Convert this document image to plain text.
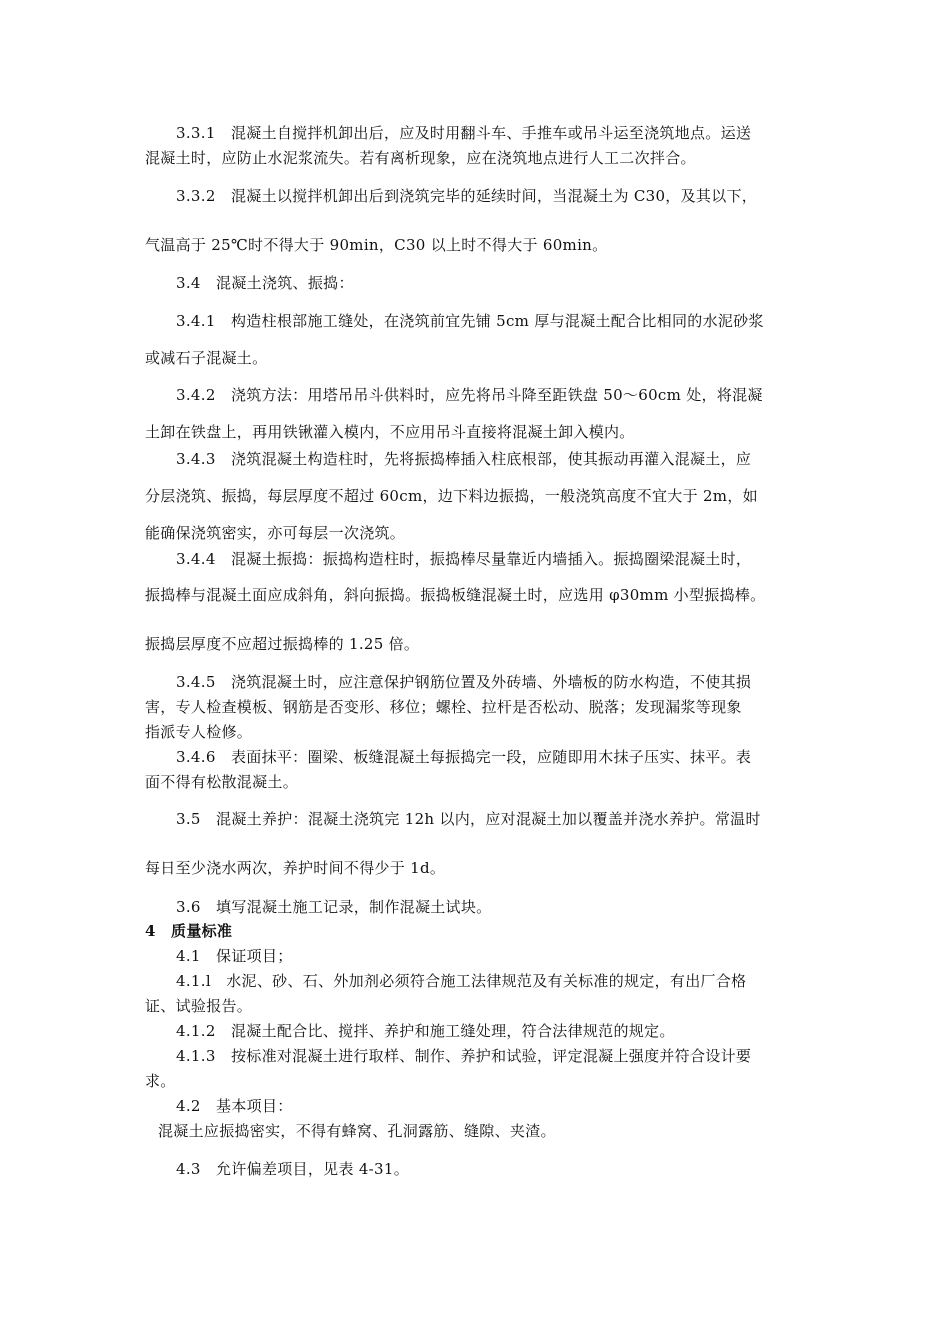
3.3.1　混凝土自搅拌机卸出后，应及时用翻斗车、手推车或吊斗运至浇筑地点。运送
混凝土时，应防止水泥浆流失。若有离析现象，应在浇筑地点进行人工二次拌合。
3.3.2　混凝土以搅拌机卸出后到浇筑完毕的延续时间，当混凝土为 C30，及其以下，
气温高于 25℃时不得大于 90min，C30 以上时不得大于 60min。
3.4　混凝土浇筑、振捣：
3.4.1　构造柱根部施工缝处，在浇筑前宜先铺 5cm 厚与混凝土配合比相同的水泥砂浆
或减石子混凝土。
3.4.2　浇筑方法：用塔吊吊斗供料时，应先将吊斗降至距铁盘 50～60cm 处，将混凝
土卸在铁盘上，再用铁锹灌入模内，不应用吊斗直接将混凝土卸入模内。
3.4.3　浇筑混凝土构造柱时，先将振捣棒插入柱底根部，使其振动再灌入混凝土，应
分层浇筑、振捣，每层厚度不超过 60cm，边下料边振捣，一般浇筑高度不宜大于 2m，如
能确保浇筑密实，亦可每层一次浇筑。
3.4.4　混凝土振捣：振捣构造柱时，振捣棒尽量靠近内墙插入。振捣圈梁混凝土时，
振捣棒与混凝土面应成斜角，斜向振捣。振捣板缝混凝土时，应选用 φ30mm 小型振捣棒。
振捣层厚度不应超过振捣棒的 1.25 倍。
3.4.5　浇筑混凝土时，应注意保护钢筋位置及外砖墙、外墙板的防水构造，不使其损
害，专人检查模板、钢筋是否变形、移位；螺栓、拉杆是否松动、脱落；发现漏浆等现象
指派专人检修。
3.4.6　表面抹平：圈梁、板缝混凝土每振捣完一段，应随即用木抹子压实、抹平。表
面不得有松散混凝土。
3.5　混凝土养护：混凝土浇筑完 12h 以内，应对混凝土加以覆盖并浇水养护。常温时
每日至少浇水两次，养护时间不得少于 1d。
3.6　填写混凝土施工记录，制作混凝土试块。
4　质量标准
4.1　保证项目；
4.1.l　水泥、砂、石、外加剂必须符合施工法律规范及有关标准的规定，有出厂合格
证、试验报告。
4.1.2　混凝土配合比、搅拌、养护和施工缝处理，符合法律规范的规定。
4.1.3　按标准对混凝土进行取样、制作、养护和试验，评定混凝上强度并符合设计要
求。
4.2　基本项目：
混凝土应振捣密实，不得有蜂窝、孔洞露筋、缝隙、夹渣。
4.3　允许偏差项目，见表 4-31。
